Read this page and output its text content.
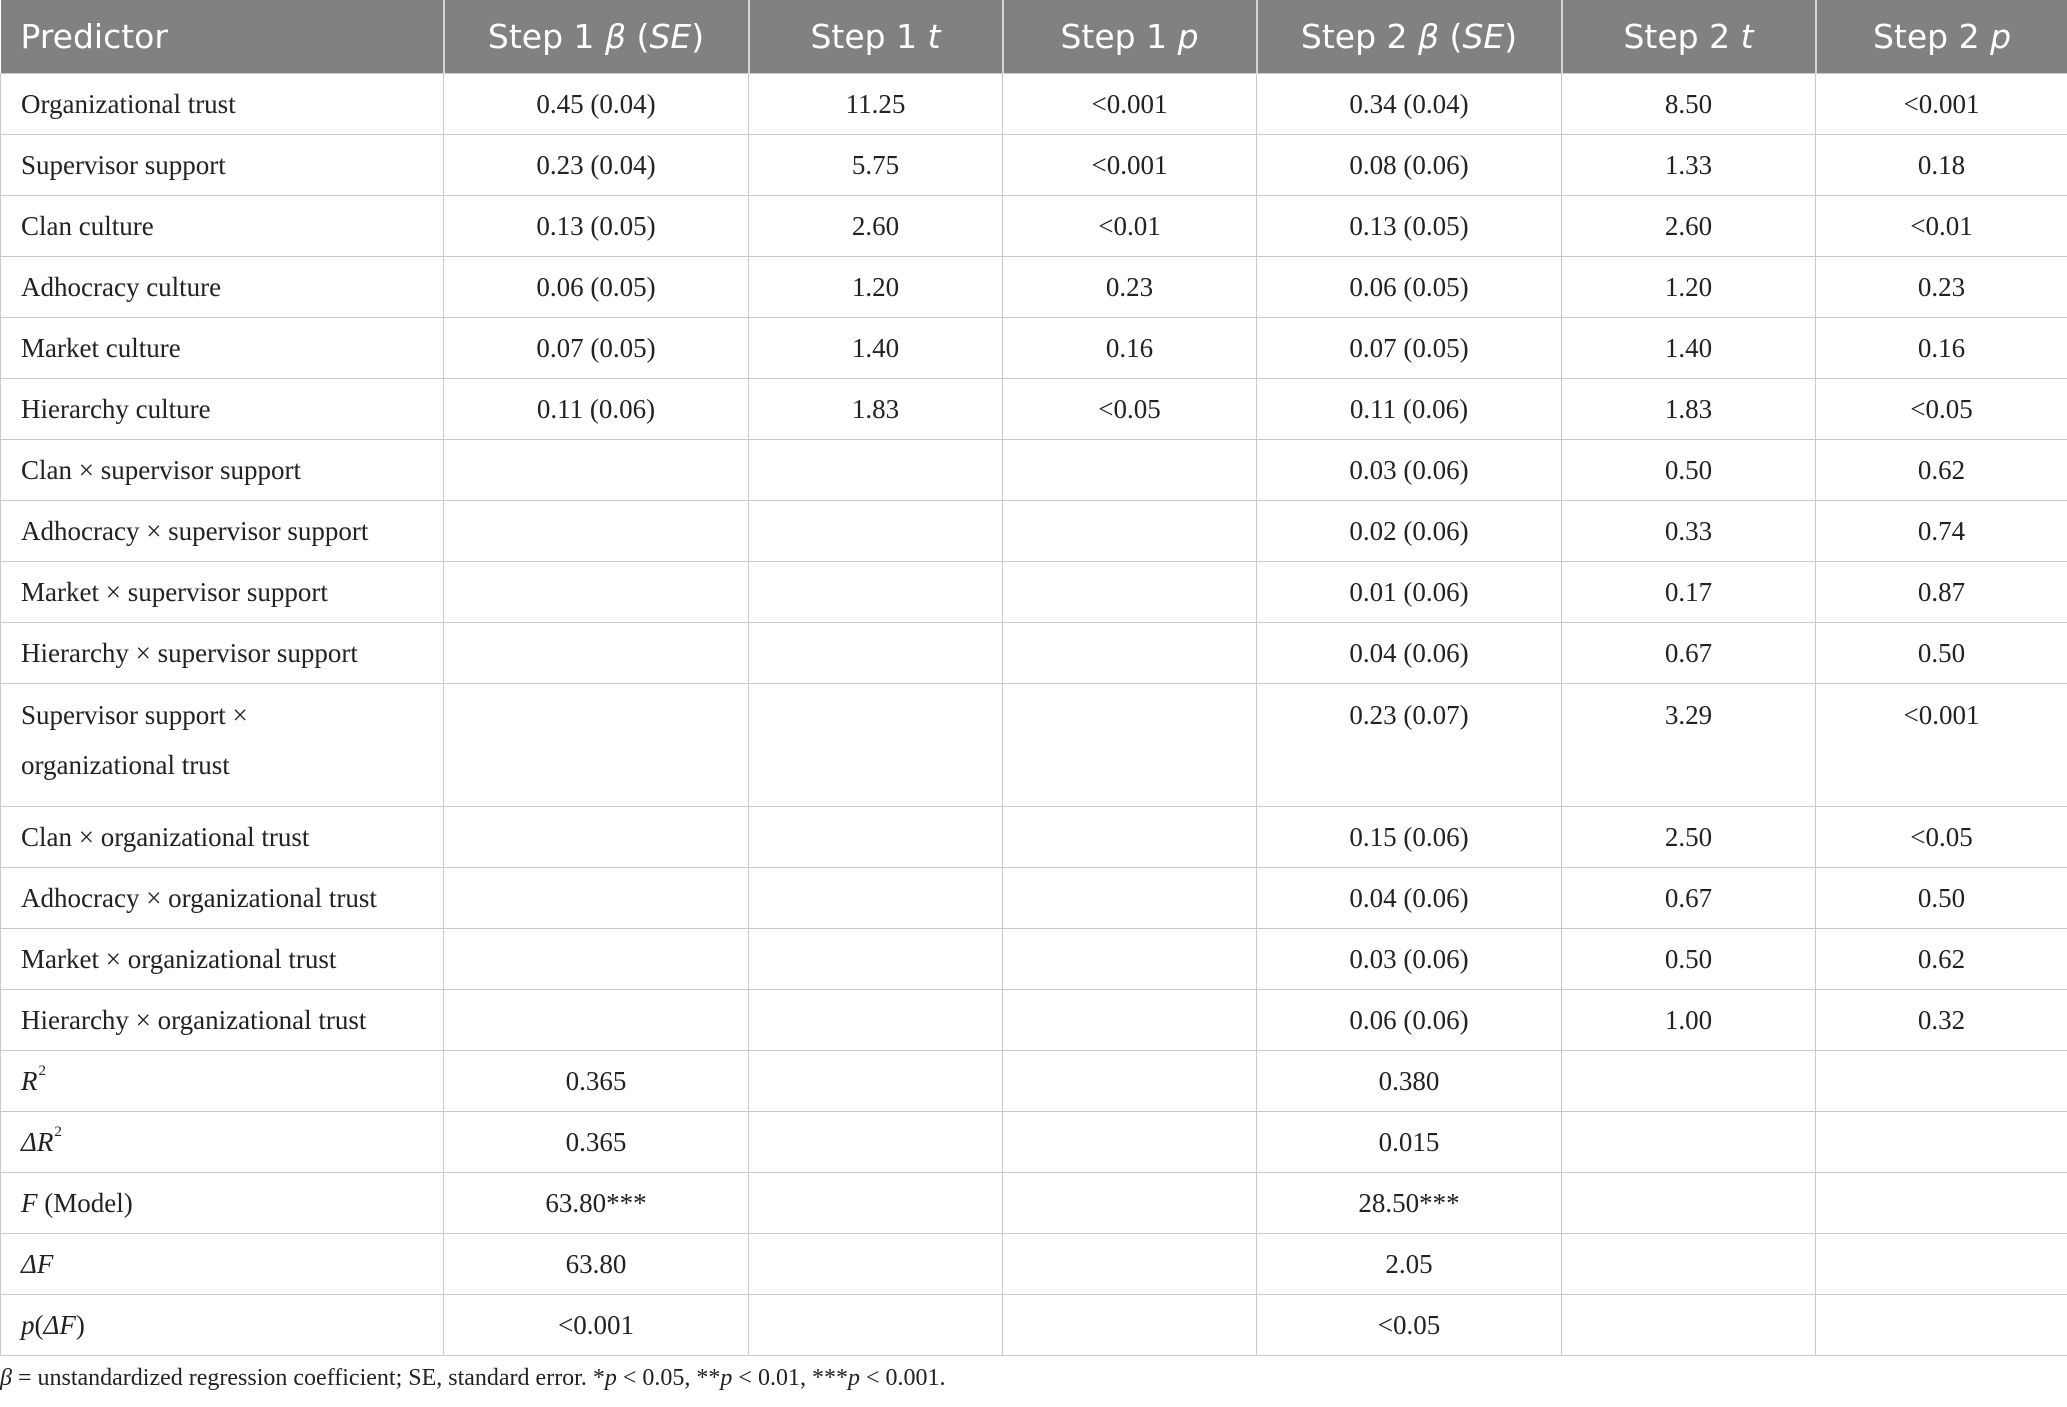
Predictor	Step 1 β (SE)	Step 1 t	Step 1 p	Step 2 β (SE)	Step 2 t	Step 2 p
Organizational trust	0.45 (0.04)	11.25	<0.001	0.34 (0.04)	8.50	<0.001
Supervisor support	0.23 (0.04)	5.75	<0.001	0.08 (0.06)	1.33	0.18
Clan culture	0.13 (0.05)	2.60	<0.01	0.13 (0.05)	2.60	<0.01
Adhocracy culture	0.06 (0.05)	1.20	0.23	0.06 (0.05)	1.20	0.23
Market culture	0.07 (0.05)	1.40	0.16	0.07 (0.05)	1.40	0.16
Hierarchy culture	0.11 (0.06)	1.83	<0.05	0.11 (0.06)	1.83	<0.05
Clan × supervisor support				0.03 (0.06)	0.50	0.62
Adhocracy × supervisor support				0.02 (0.06)	0.33	0.74
Market × supervisor support				0.01 (0.06)	0.17	0.87
Hierarchy × supervisor support				0.04 (0.06)	0.67	0.50
Supervisor support ×
organizational trust				0.23 (0.07)	3.29	<0.001
Clan × organizational trust				0.15 (0.06)	2.50	<0.05
Adhocracy × organizational trust				0.04 (0.06)	0.67	0.50
Market × organizational trust				0.03 (0.06)	0.50	0.62
Hierarchy × organizational trust				0.06 (0.06)	1.00	0.32
$R^2$	0.365			0.380		
$\Delta R^2$	0.365			0.015		
F (Model)	63.80***			28.50***		
ΔF	63.80			2.05		
p(ΔF)	<0.001			<0.05		
β = unstandardized regression coefficient; SE, standard error. *p < 0.05, **p < 0.01, ***p < 0.001.
